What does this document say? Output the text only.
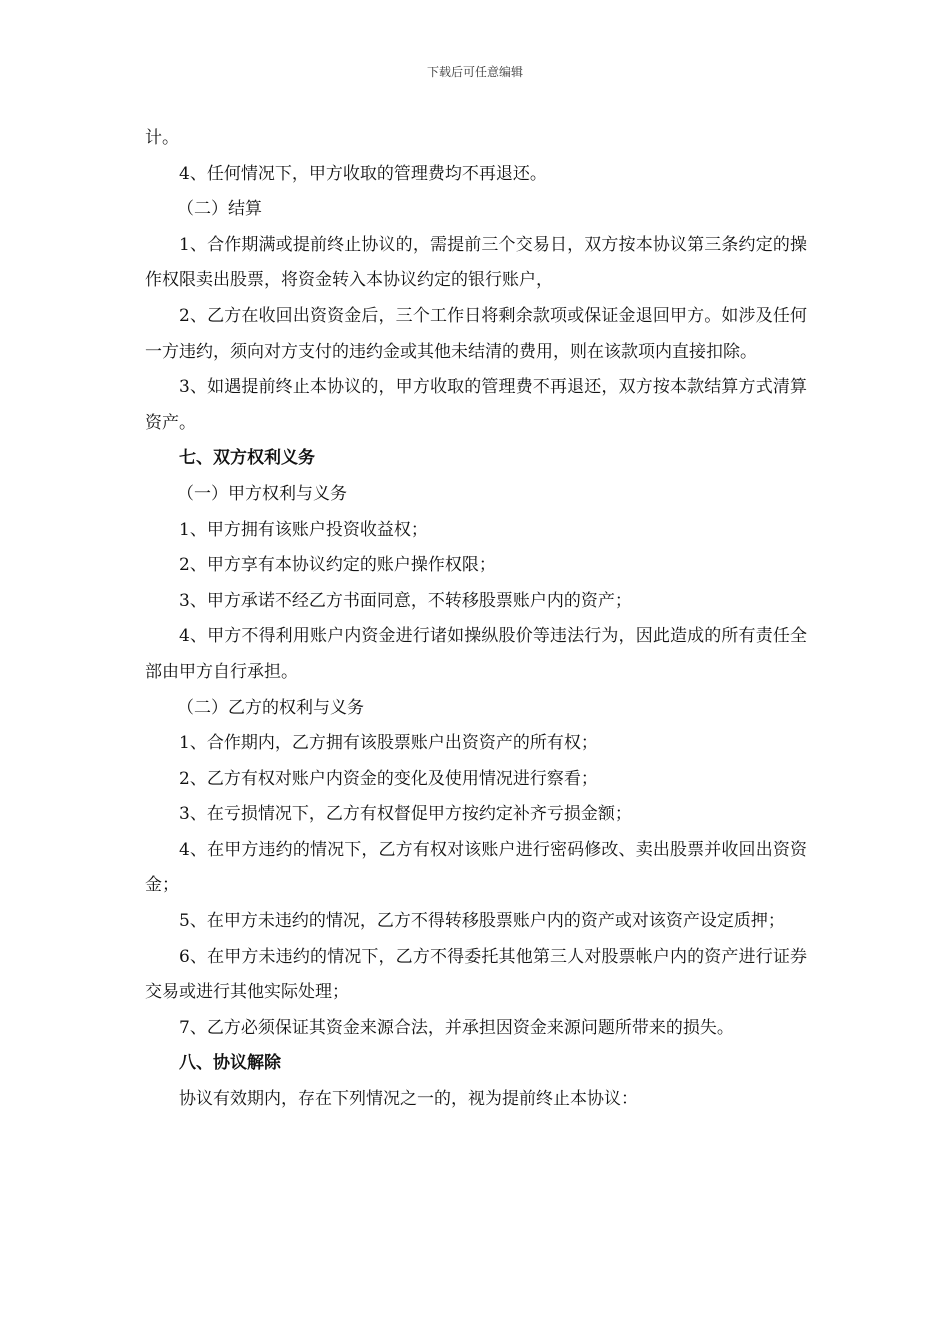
下载后可任意编辑

计。

4、任何情况下，甲方收取的管理费均不再退还。

（二）结算

1、合作期满或提前终止协议的，需提前三个交易日，双方按本协议第三条约定的操作权限卖出股票，将资金转入本协议约定的银行账户，

2、乙方在收回出资资金后，三个工作日将剩余款项或保证金退回甲方。如涉及任何一方违约，须向对方支付的违约金或其他未结清的费用，则在该款项内直接扣除。

3、如遇提前终止本协议的，甲方收取的管理费不再退还，双方按本款结算方式清算资产。

七、双方权利义务

（一）甲方权利与义务

1、甲方拥有该账户投资收益权；

2、甲方享有本协议约定的账户操作权限；

3、甲方承诺不经乙方书面同意，不转移股票账户内的资产；

4、甲方不得利用账户内资金进行诸如操纵股价等违法行为，因此造成的所有责任全部由甲方自行承担。

（二）乙方的权利与义务

1、合作期内，乙方拥有该股票账户出资资产的所有权；

2、乙方有权对账户内资金的变化及使用情况进行察看；

3、在亏损情况下，乙方有权督促甲方按约定补齐亏损金额；

4、在甲方违约的情况下，乙方有权对该账户进行密码修改、卖出股票并收回出资资金；

5、在甲方未违约的情况，乙方不得转移股票账户内的资产或对该资产设定质押；

6、在甲方未违约的情况下，乙方不得委托其他第三人对股票帐户内的资产进行证券交易或进行其他实际处理；

7、乙方必须保证其资金来源合法，并承担因资金来源问题所带来的损失。

八、协议解除

协议有效期内，存在下列情况之一的，视为提前终止本协议：
